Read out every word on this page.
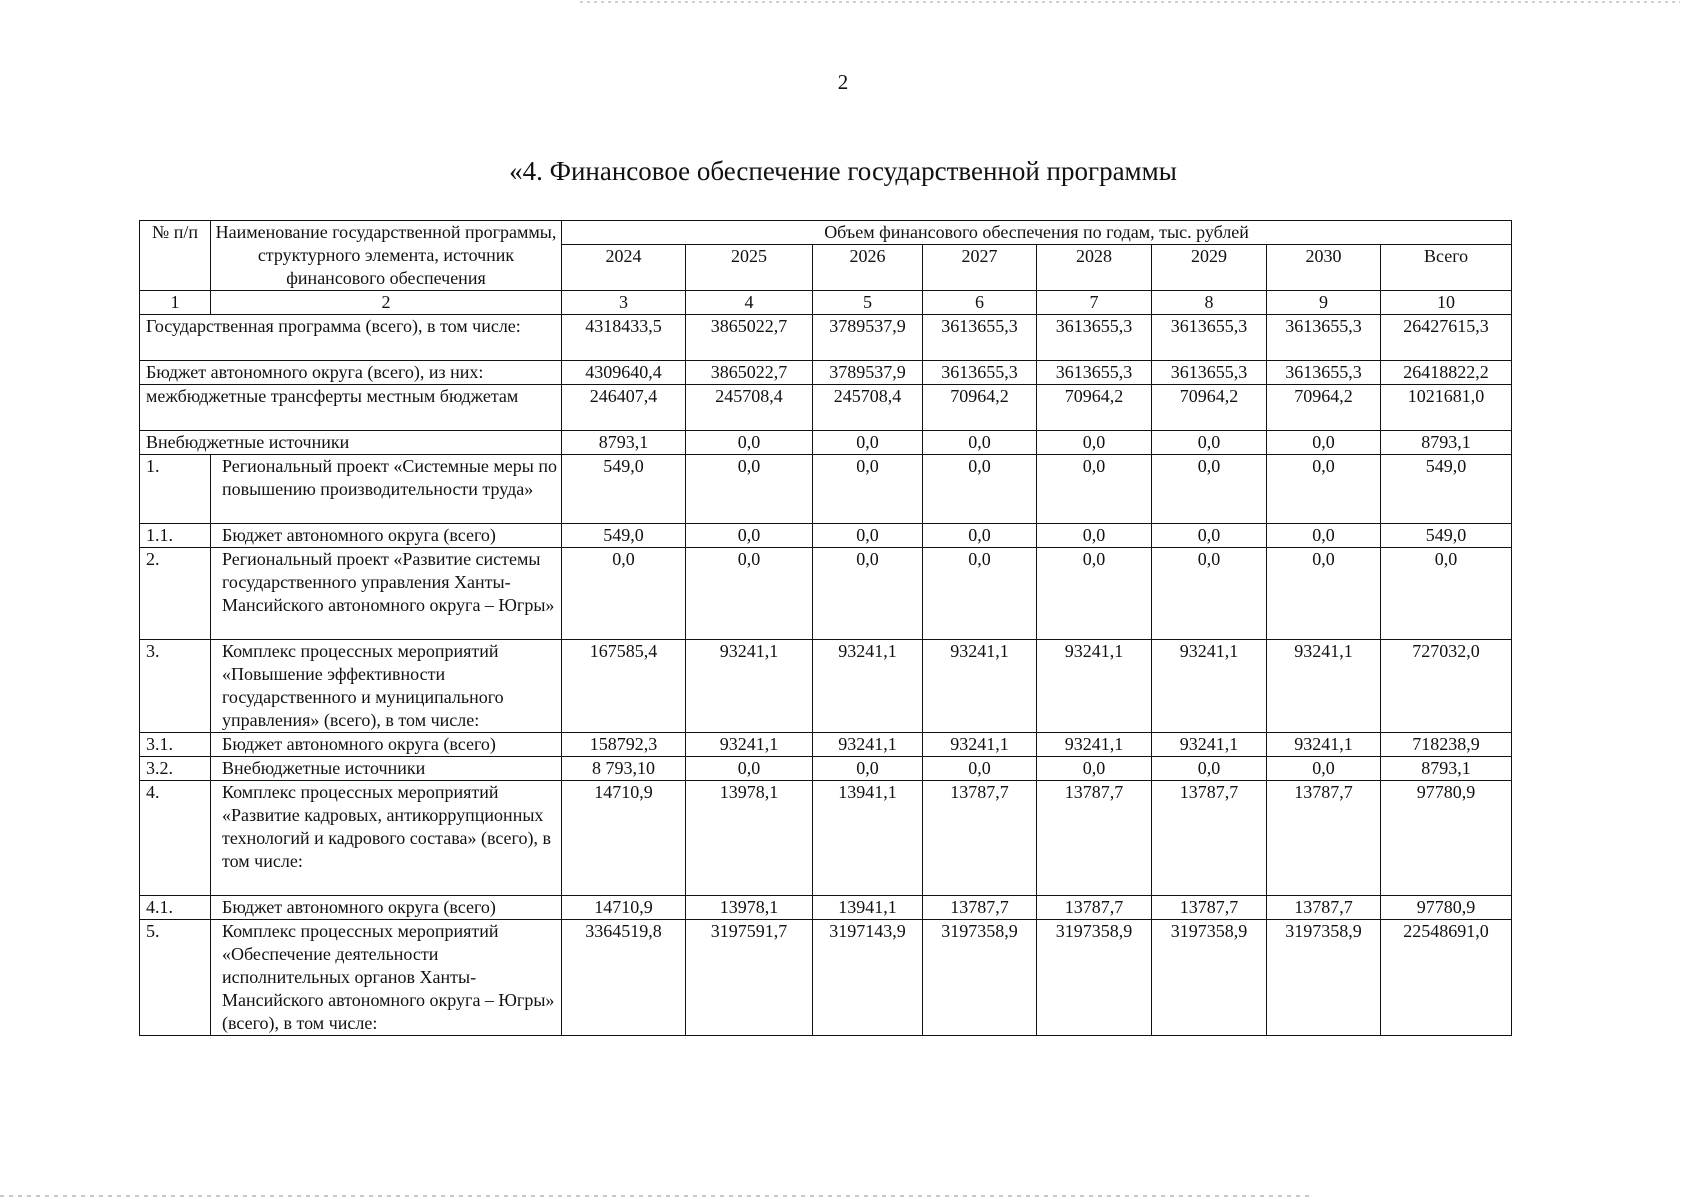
2
«4. Финансовое обеспечение государственной программы
№ п/п	Наименование государственной программы, структурного элемента, источник финансового обеспечения	Объем финансового обеспечения по годам, тыс. рублей							
		2024	2025	2026	2027	2028	2029	2030	Всего
1	2	3	4	5	6	7	8	9	10
Государственная программа (всего), в том числе:		4318433,5	3865022,7	3789537,9	3613655,3	3613655,3	3613655,3	3613655,3	26427615,3
Бюджет автономного округа (всего), из них:		4309640,4	3865022,7	3789537,9	3613655,3	3613655,3	3613655,3	3613655,3	26418822,2
межбюджетные трансферты местным бюджетам		246407,4	245708,4	245708,4	70964,2	70964,2	70964,2	70964,2	1021681,0
Внебюджетные источники		8793,1	0,0	0,0	0,0	0,0	0,0	0,0	8793,1
1.	Региональный проект «Системные меры по повышению производительности труда»	549,0	0,0	0,0	0,0	0,0	0,0	0,0	549,0
1.1.	Бюджет автономного округа (всего)	549,0	0,0	0,0	0,0	0,0	0,0	0,0	549,0
2.	Региональный проект «Развитие системы государственного управления Ханты-Мансийского автономного округа – Югры»	0,0	0,0	0,0	0,0	0,0	0,0	0,0	0,0
3.	Комплекс процессных мероприятий «Повышение эффективности государственного и муниципального управления» (всего), в том числе:	167585,4	93241,1	93241,1	93241,1	93241,1	93241,1	93241,1	727032,0
3.1.	Бюджет автономного округа (всего)	158792,3	93241,1	93241,1	93241,1	93241,1	93241,1	93241,1	718238,9
3.2.	Внебюджетные источники	8 793,10	0,0	0,0	0,0	0,0	0,0	0,0	8793,1
4.	Комплекс процессных мероприятий «Развитие кадровых, антикоррупционных технологий и кадрового состава» (всего), в том числе:	14710,9	13978,1	13941,1	13787,7	13787,7	13787,7	13787,7	97780,9
4.1.	Бюджет автономного округа (всего)	14710,9	13978,1	13941,1	13787,7	13787,7	13787,7	13787,7	97780,9
5.	Комплекс процессных мероприятий «Обеспечение деятельности исполнительных органов Ханты-Мансийского автономного округа – Югры» (всего), в том числе:	3364519,8	3197591,7	3197143,9	3197358,9	3197358,9	3197358,9	3197358,9	22548691,0
